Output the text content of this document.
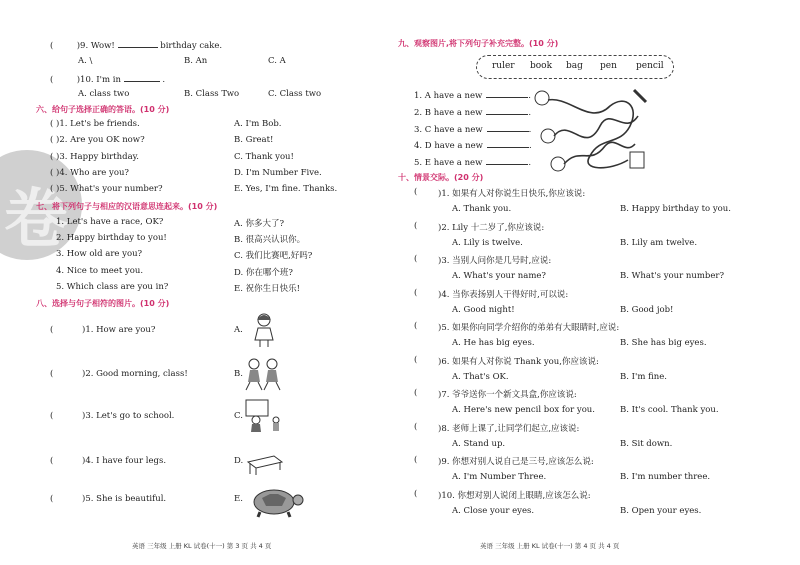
卷
(	)9. Wow!	birthday cake.
A. \	B. An	C. A
(	)10. I'm in	.
A. class two	B. Class Two	C. Class two
六、给句子选择正确的答语。(10 分)
( )1. Let's be friends.	A. I'm Bob.
( )2. Are you OK now?	B. Great!
( )3. Happy birthday.	C. Thank you!
( )4. Who are you?	D. I'm Number Five.
( )5. What's your number?	E. Yes, I'm fine. Thanks.
七、将下列句子与相应的汉语意思连起来。(10 分)
1. Let's have a race, OK?	A. 你多大了?
2. Happy birthday to you!	B. 很高兴认识你。
3. How old are you?	C. 我们比赛吧,好吗?
4. Nice to meet you.	D. 你在哪个班?
5. Which class are you in?	E. 祝你生日快乐!
八、选择与句子相符的图片。(10 分)
(	)1. How are you?	A.
(	)2. Good morning, class!	B.
(	)3. Let's go to school.	C.
(	)4. I have four legs.	D.
(	)5. She is beautiful.	E.
英语 三年级 上册 KL 试卷(十一) 第 3 页 共 4 页
九、观察图片,将下列句子补充完整。(10 分)
ruler book bag pen pencil
1. A have a new	.
2. B have a new	.
3. C have a new	.
4. D have a new	.
5. E have a new	.
十、情景交际。(20 分)
( )1. 如果有人对你说生日快乐,你应该说:
A. Thank you.	B. Happy birthday to you.
( )2. Lily 十二岁了,你应该说:
A. Lily is twelve.	B. Lily am twelve.
( )3. 当别人问你是几号时,应说:
A. What's your name?	B. What's your number?
( )4. 当你表扬别人干得好时,可以说:
A. Good night!	B. Good job!
( )5. 如果你向同学介绍你的弟弟有大眼睛时,应说:
A. He has big eyes.	B. She has big eyes.
( )6. 如果有人对你说 Thank you,你应该说:
A. That's OK.	B. I'm fine.
( )7. 爷爷送你一个新文具盒,你应该说:
A. Here's new pencil box for you.	B. It's cool. Thank you.
( )8. 老师上课了,让同学们起立,应该说:
A. Stand up.	B. Sit down.
( )9. 你想对别人说自己是三号,应该怎么说:
A. I'm Number Three.	B. I'm number three.
( )10. 你想对别人说闭上眼睛,应该怎么说:
A. Close your eyes.	B. Open your eyes.
英语 三年级 上册 KL 试卷(十一) 第 4 页 共 4 页
